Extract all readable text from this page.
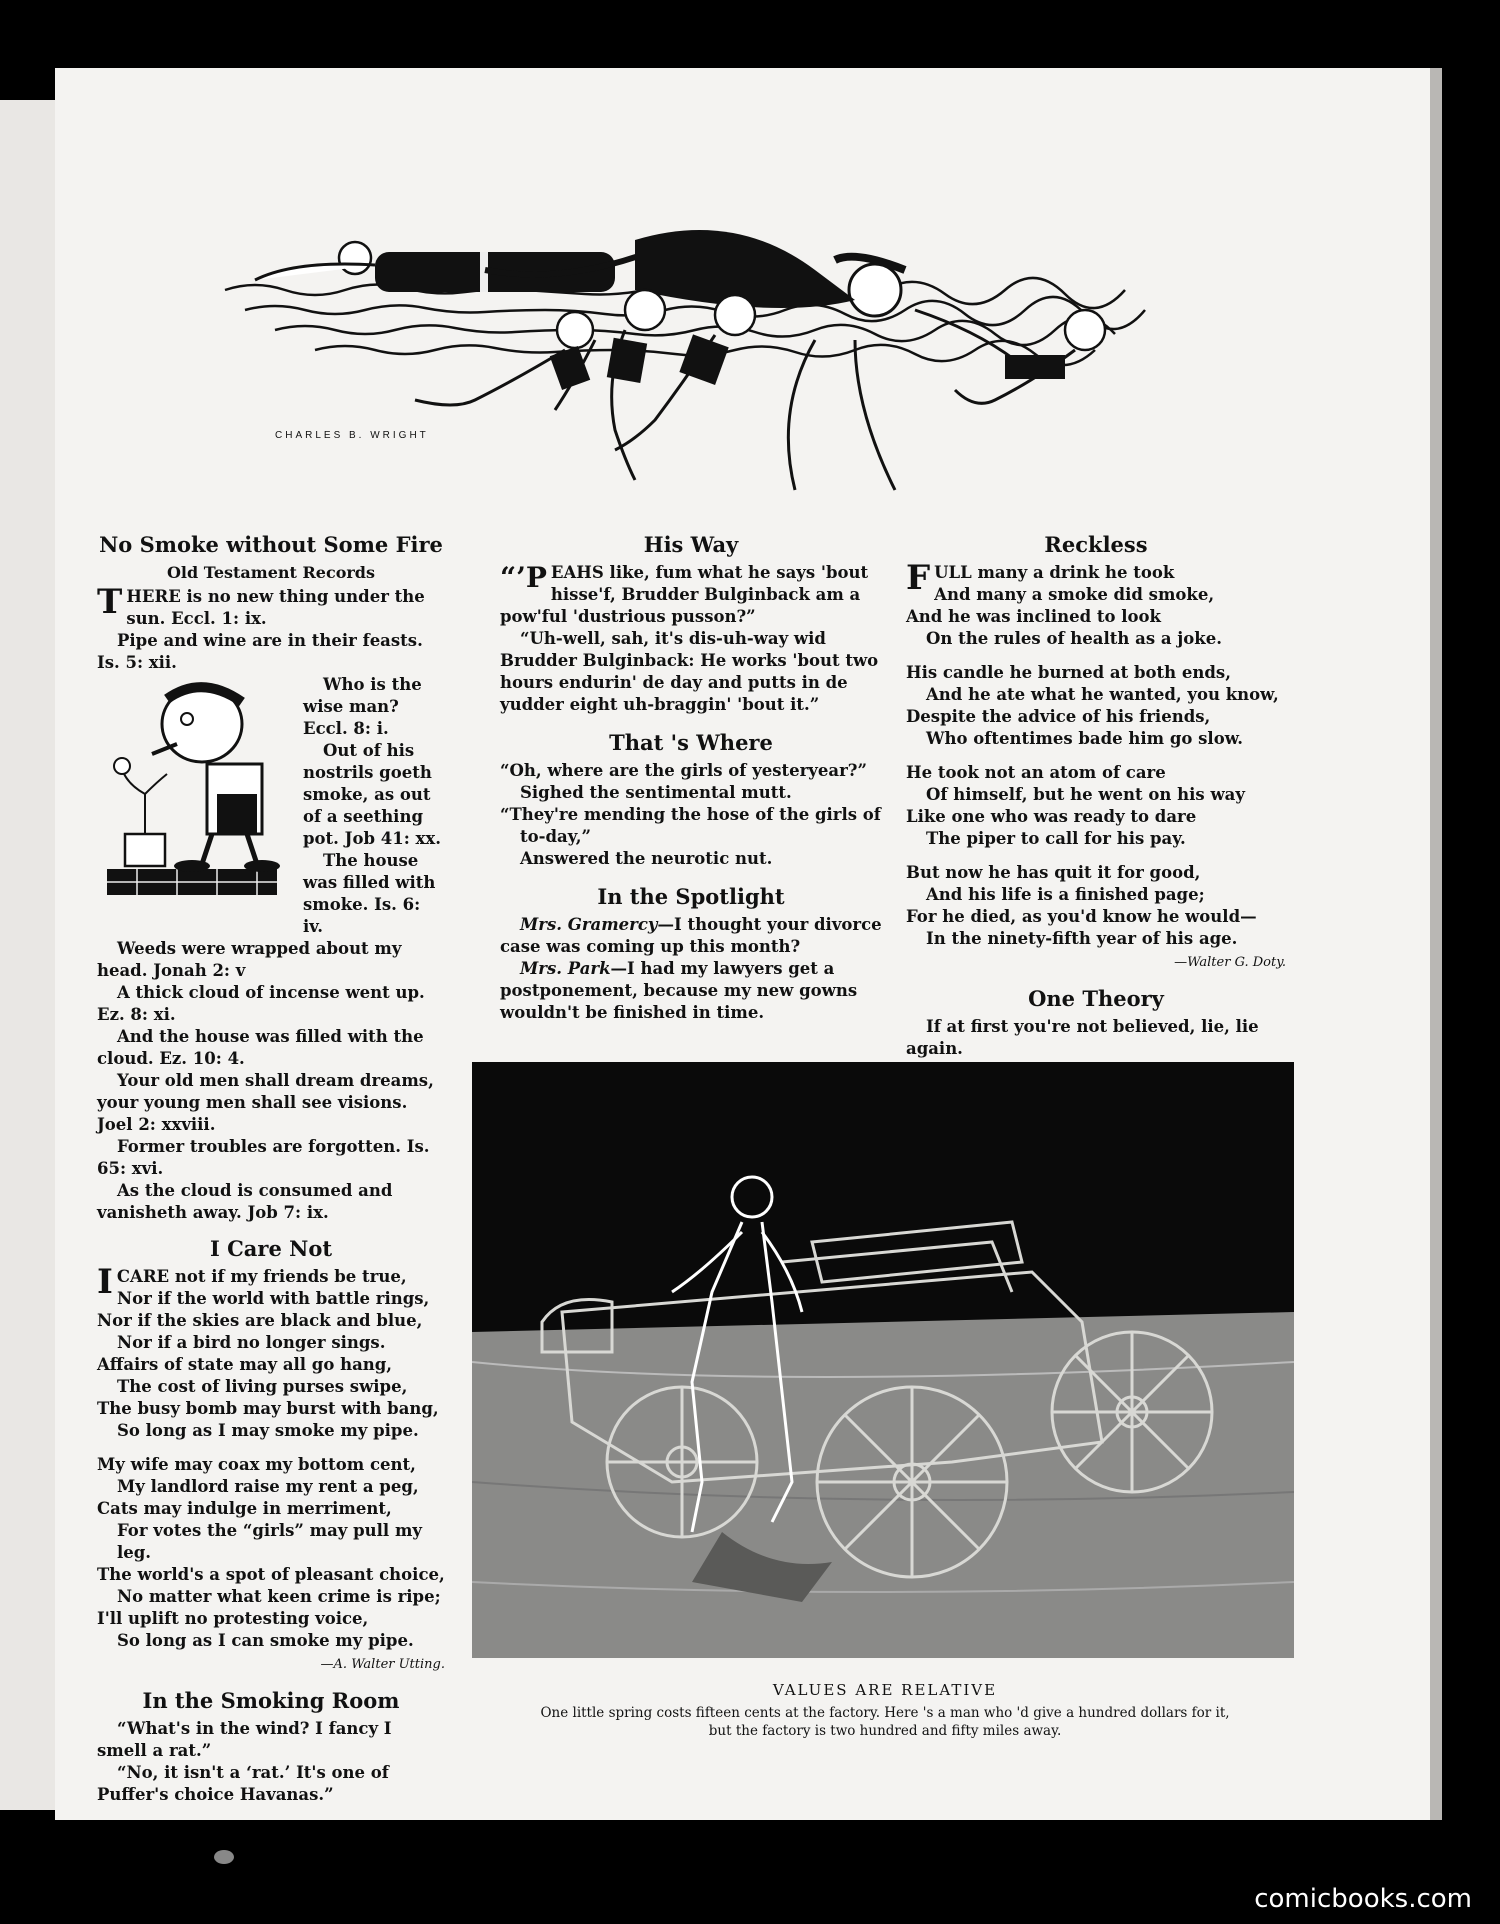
CHARLES B. WRIGHT
No Smoke without Some Fire
Old Testament Records

THERE is no new thing under the sun. Eccl. 1: ix.

Pipe and wine are in their feasts. Is. 5: xii.

Who is the wise man? Eccl. 8: i.

Out of his nostrils goeth smoke, as out of a seething pot. Job 41: xx.

The house was filled with smoke. Is. 6: iv.

Weeds were wrapped about my head. Jonah 2: v

A thick cloud of incense went up. Ez. 8: xi.

And the house was filled with the cloud. Ez. 10: 4.

Your old men shall dream dreams, your young men shall see visions. Joel 2: xxviii.

Former troubles are forgotten. Is. 65: xvi.

As the cloud is consumed and vanisheth away. Job 7: ix.

I Care Not
I CARE not if my friends be true,
Nor if the world with battle rings,
Nor if the skies are black and blue,
Nor if a bird no longer sings.
Affairs of state may all go hang,
The cost of living purses swipe,
The busy bomb may burst with bang,
So long as I may smoke my pipe.
My wife may coax my bottom cent,
My landlord raise my rent a peg,
Cats may indulge in merriment,
For votes the “girls” may pull my leg.
The world's a spot of pleasant choice,
No matter what keen crime is ripe;
I'll uplift no protesting voice,
So long as I can smoke my pipe.
—A. Walter Utting.
In the Smoking Room

“What's in the wind? I fancy I smell a rat.”

“No, it isn't a ‘rat.’ It's one of Puffer's choice Havanas.”

His Way

“’P EAHS like, fum what he says 'bout hisse'f, Brudder Bulginback am a pow'ful 'dustrious pusson?”

“Uh-well, sah, it's dis-uh-way wid Brudder Bulginback: He works 'bout two hours endurin' de day and putts in de yudder eight uh-braggin' 'bout it.”

That 's Where
“Oh, where are the girls of yesteryear?”
Sighed the sentimental mutt.
“They're mending the hose of the girls of to-day,”
Answered the neurotic nut.
In the Spotlight

Mrs. Gramercy—I thought your divorce case was coming up this month?

Mrs. Park—I had my lawyers get a postponement, because my new gowns wouldn't be finished in time.

Reckless
F ULL many a drink he took
And many a smoke did smoke,
And he was inclined to look
On the rules of health as a joke.
His candle he burned at both ends,
And he ate what he wanted, you know,
Despite the advice of his friends,
Who oftentimes bade him go slow.
He took not an atom of care
Of himself, but he went on his way
Like one who was ready to dare
The piper to call for his pay.
But now he has quit it for good,
And his life is a finished page;
For he died, as you'd know he would—
In the ninety-fifth year of his age.
—Walter G. Doty.
One Theory

If at first you're not believed, lie, lie again.

VALUES ARE RELATIVE
One little spring costs fifteen cents at the factory. Here 's a man who 'd give a hundred dollars for it,
but the factory is two hundred and fifty miles away.
comicbooks.com
